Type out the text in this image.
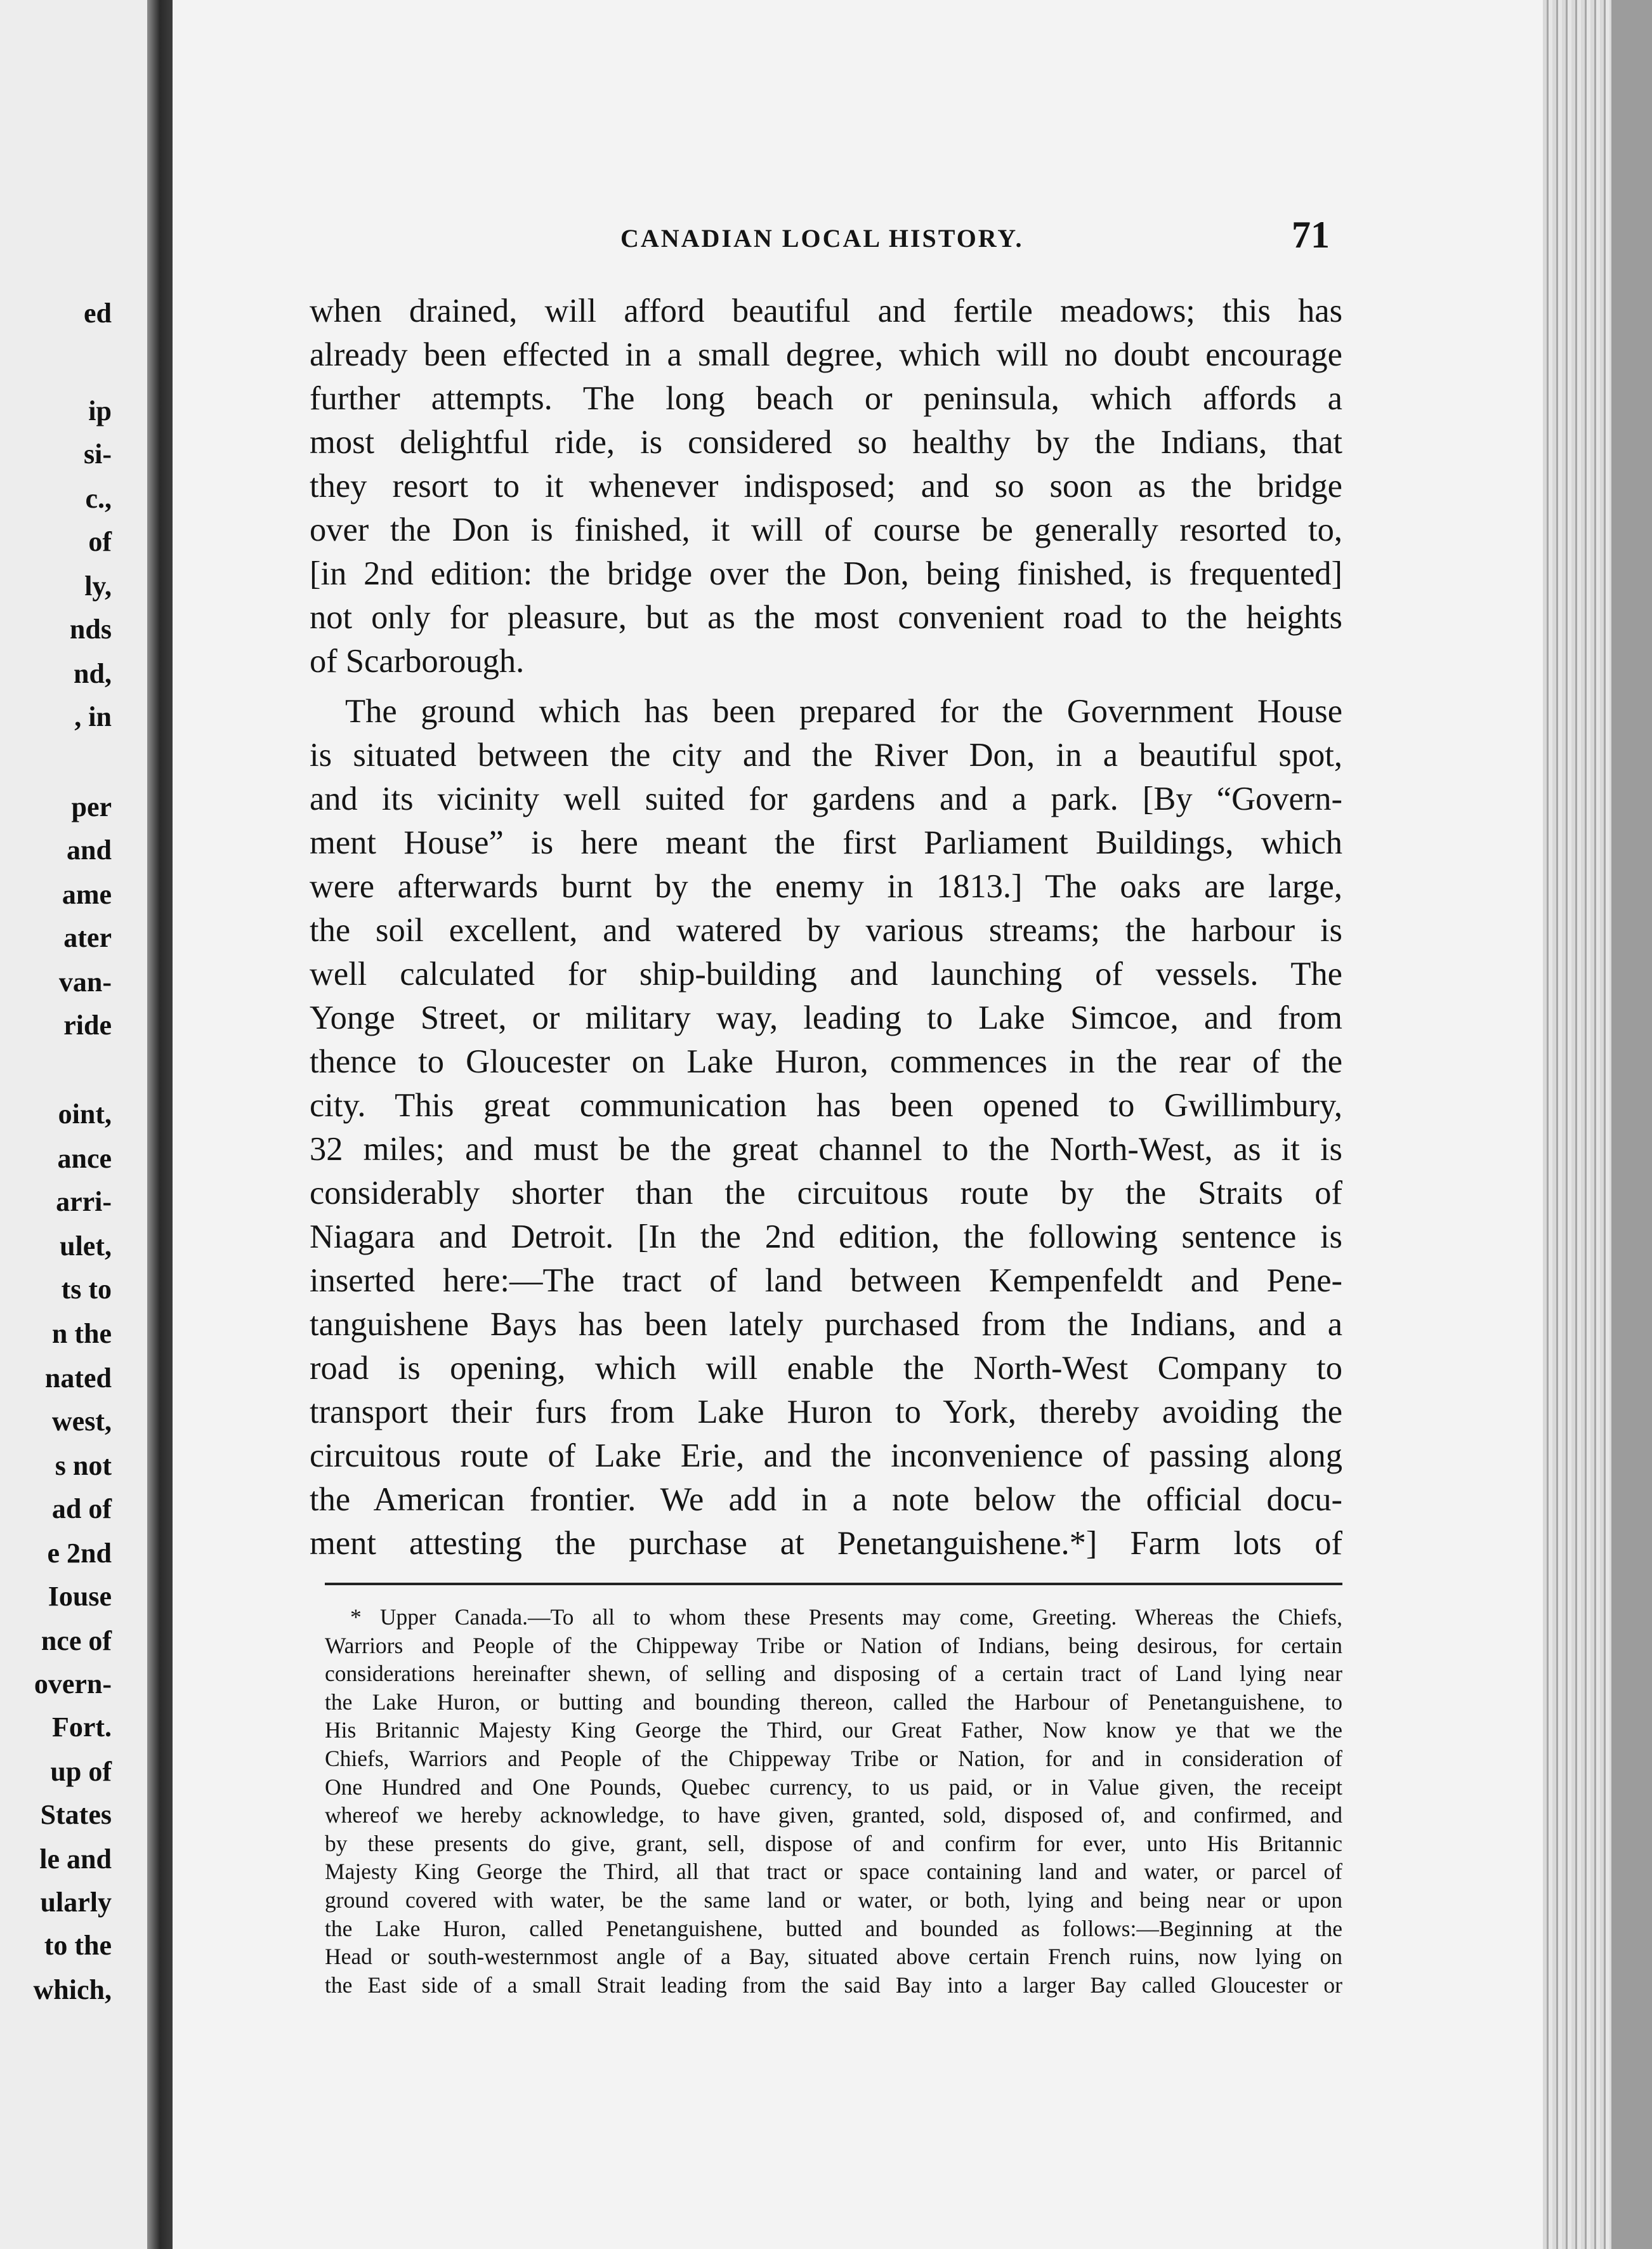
CANADIAN LOCAL HISTORY.	71

when drained, will afford beautiful and fertile meadows; this has
already been effected in a small degree, which will no doubt encourage
further attempts. The long beach or peninsula, which affords a
most delightful ride, is considered so healthy by the Indians, that
they resort to it whenever indisposed; and so soon as the bridge
over the Don is finished, it will of course be generally resorted to,
[in 2nd edition: the bridge over the Don, being finished, is frequented]
not only for pleasure, but as the most convenient road to the heights
of Scarborough.
The ground which has been prepared for the Government House
is situated between the city and the River Don, in a beautiful spot,
and its vicinity well suited for gardens and a park. [By “Govern-
ment House” is here meant the first Parliament Buildings, which
were afterwards burnt by the enemy in 1813.] The oaks are large,
the soil excellent, and watered by various streams; the harbour is
well calculated for ship-building and launching of vessels. The
Yonge Street, or military way, leading to Lake Simcoe, and from
thence to Gloucester on Lake Huron, commences in the rear of the
city. This great communication has been opened to Gwillimbury,
32 miles; and must be the great channel to the North-West, as it is
considerably shorter than the circuitous route by the Straits of
Niagara and Detroit. [In the 2nd edition, the following sentence is
inserted here:—The tract of land between Kempenfeldt and Pene-
tanguishene Bays has been lately purchased from the Indians, and a
road is opening, which will enable the North-West Company to
transport their furs from Lake Huron to York, thereby avoiding the
circuitous route of Lake Erie, and the inconvenience of passing along
the American frontier. We add in a note below the official docu-
ment attesting the purchase at Penetanguishene.*] Farm lots of
* Upper Canada.—To all to whom these Presents may come, Greeting. Whereas the Chiefs,
Warriors and People of the Chippeway Tribe or Nation of Indians, being desirous, for certain
considerations hereinafter shewn, of selling and disposing of a certain tract of Land lying near
the Lake Huron, or butting and bounding thereon, called the Harbour of Penetanguishene, to
His Britannic Majesty King George the Third, our Great Father, Now know ye that we the
Chiefs, Warriors and People of the Chippeway Tribe or Nation, for and in consideration of
One Hundred and One Pounds, Quebec currency, to us paid, or in Value given, the receipt
whereof we hereby acknowledge, to have given, granted, sold, disposed of, and confirmed, and
by these presents do give, grant, sell, dispose of and confirm for ever, unto His Britannic
Majesty King George the Third, all that tract or space containing land and water, or parcel of
ground covered with water, be the same land or water, or both, lying and being near or upon
the Lake Huron, called Penetanguishene, butted and bounded as follows:—Beginning at the
Head or south-westernmost angle of a Bay, situated above certain French ruins, now lying on
the East side of a small Strait leading from the said Bay into a larger Bay called Gloucester or

ed

ip

si-

c.,

of

ly,

nds

nd,

, in

per

and

ame

ater

van-

ride

oint,

ance

arri-

ulet,

ts to

n the

nated

west,

s not

ad of

e 2nd

Iouse

nce of

overn-

Fort.

up of

States

le and

ularly

to the

which,
